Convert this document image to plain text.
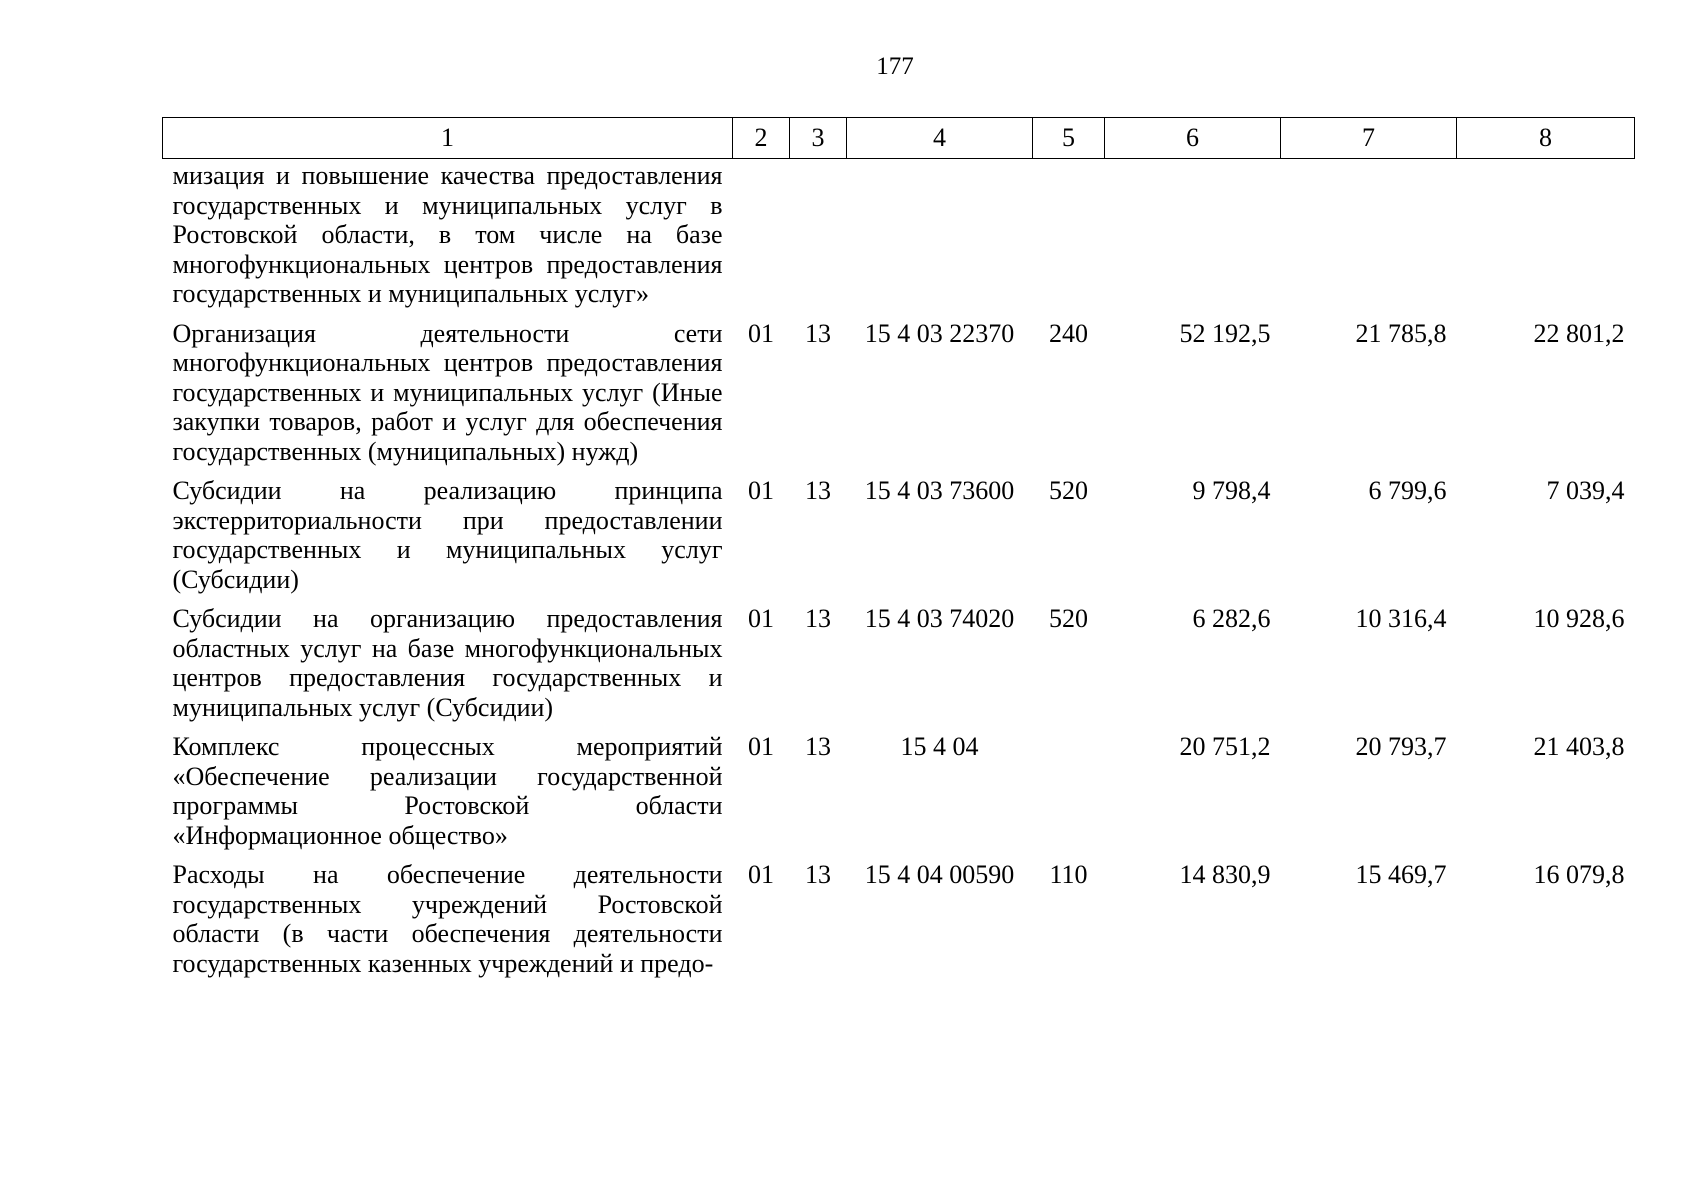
177
1	2	3	4	5	6	7	8
мизация и повышение качества предоставления государственных и муниципальных услуг в Ростовской области, в том числе на базе многофункциональных центров предоставления государственных и муниципальных услуг»							
Организация деятельности сети многофункциональных центров предоставления государственных и муниципальных услуг (Иные закупки товаров, работ и услуг для обеспечения государственных (муниципальных) нужд)	01	13	15 4 03 22370	240	52 192,5	21 785,8	22 801,2
Субсидии на реализацию принципа экстерриториальности при предоставлении государственных и муниципальных услуг (Субсидии)	01	13	15 4 03 73600	520	9 798,4	6 799,6	7 039,4
Субсидии на организацию предоставления областных услуг на базе многофункциональных центров предоставления государственных и муниципальных услуг (Субсидии)	01	13	15 4 03 74020	520	6 282,6	10 316,4	10 928,6
Комплекс процессных мероприятий «Обеспечение реализации государственной программы Ростовской области «Информационное общество»	01	13	15 4 04		20 751,2	20 793,7	21 403,8
Расходы на обеспечение деятельности государственных учреждений Ростовской области (в части обеспечения деятельности государственных казенных учреждений и предо-	01	13	15 4 04 00590	110	14 830,9	15 469,7	16 079,8
